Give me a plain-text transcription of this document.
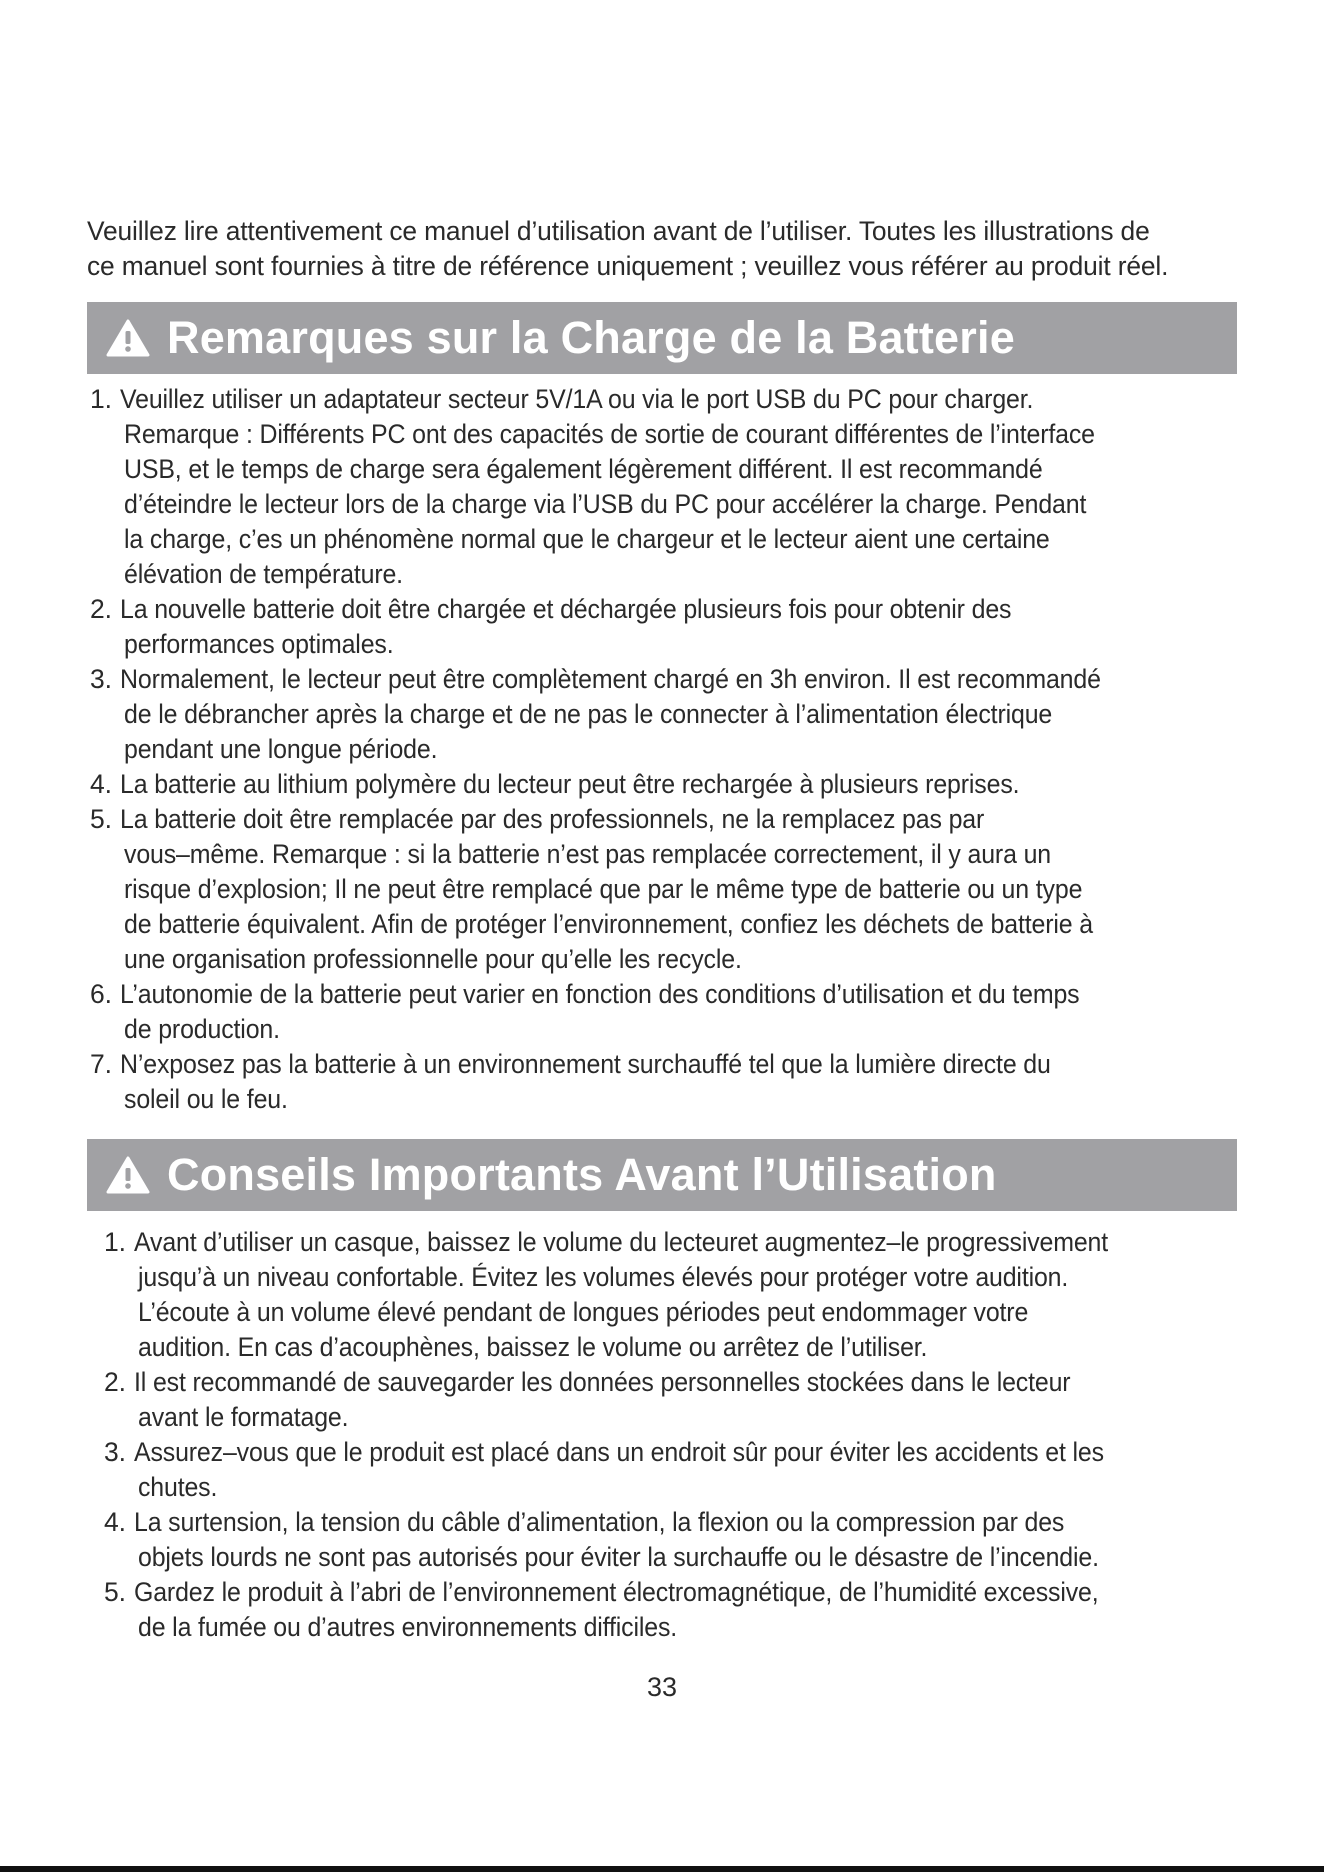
Veuillez lire attentivement ce manuel d’utilisation avant de l’utiliser. Toutes les illustrations de
ce manuel sont fournies à titre de référence uniquement ; veuillez vous référer au produit réel.
Remarques sur la Charge de la Batterie
1. Veuillez utiliser un adaptateur secteur 5V/1A ou via le port USB du PC pour charger.
Remarque : Différents PC ont des capacités de sortie de courant différentes de l’interface
USB, et le temps de charge sera également légèrement différent. Il est recommandé
d’éteindre le lecteur lors de la charge via l’USB du PC pour accélérer la charge. Pendant
la charge, c’es un phénomène normal que le chargeur et le lecteur aient une certaine
élévation de température.
2. La nouvelle batterie doit être chargée et déchargée plusieurs fois pour obtenir des
performances optimales.
3. Normalement, le lecteur peut être complètement chargé en 3h environ. Il est recommandé
de le débrancher après la charge et de ne pas le connecter à l’alimentation électrique
pendant une longue période.
4. La batterie au lithium polymère du lecteur peut être rechargée à plusieurs reprises.
5. La batterie doit être remplacée par des professionnels, ne la remplacez pas par
vous–même. Remarque : si la batterie n’est pas remplacée correctement, il y aura un
risque d’explosion; Il ne peut être remplacé que par le même type de batterie ou un type
de batterie équivalent. Afin de protéger l’environnement, confiez les déchets de batterie à
une organisation professionnelle pour qu’elle les recycle.
6. L’autonomie de la batterie peut varier en fonction des conditions d’utilisation et du temps
de production.
7. N’exposez pas la batterie à un environnement surchauffé tel que la lumière directe du
soleil ou le feu.
Conseils Importants Avant l’Utilisation
1. Avant d’utiliser un casque, baissez le volume du lecteuret augmentez–le progressivement
jusqu’à un niveau confortable. Évitez les volumes élevés pour protéger votre audition.
L’écoute à un volume élevé pendant de longues périodes peut endommager votre
audition. En cas d’acouphènes, baissez le volume ou arrêtez de l’utiliser.
2. Il est recommandé de sauvegarder les données personnelles stockées dans le lecteur
avant le formatage.
3. Assurez–vous que le produit est placé dans un endroit sûr pour éviter les accidents et les
chutes.
4. La surtension, la tension du câble d’alimentation, la flexion ou la compression par des
objets lourds ne sont pas autorisés pour éviter la surchauffe ou le désastre de l’incendie.
5. Gardez le produit à l’abri de l’environnement électromagnétique, de l’humidité excessive,
de la fumée ou d’autres environnements difficiles.
33
